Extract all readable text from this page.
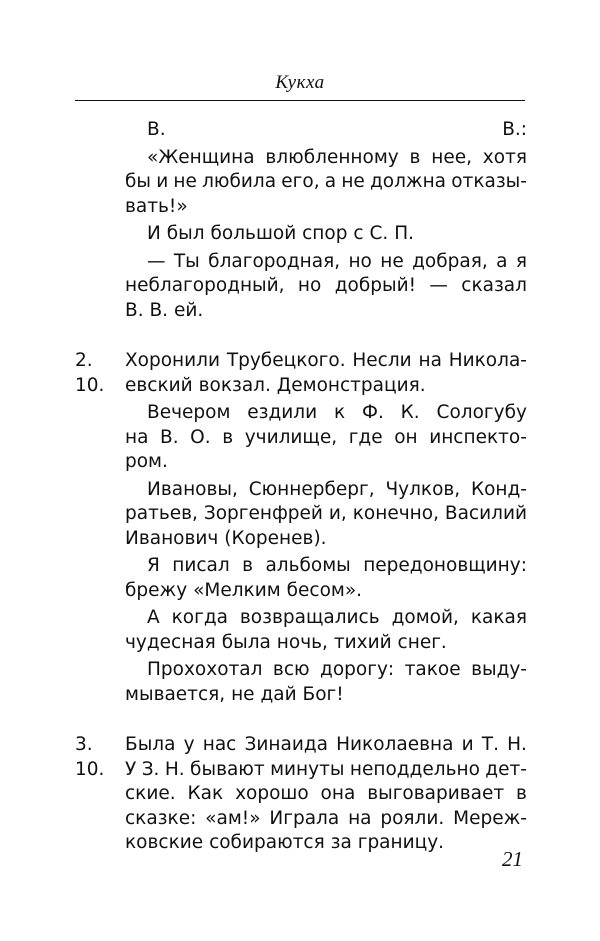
Кукха
В.	В.:
«Женщина влюбленному в нее, хотя
бы и не любила его, а не должна отказы-
вать!»
И был большой спор с С. П.
— Ты благородная, но не добрая, а я
неблагородный, но добрый! — сказал
В. В. ей.
2. 10.
Хоронили Трубецкого. Несли на Никола-
евский вокзал. Демонстрация.
Вечером ездили к Ф. К. Сологубу
на В. О. в училище, где он инспекто-
ром.
Ивановы, Сюннерберг, Чулков, Конд-
ратьев, Зоргенфрей и, конечно, Василий
Иванович (Коренев).
Я писал в альбомы передоновщину:
брежу «Мелким бесом».
А когда возвращались домой, какая
чудесная была ночь, тихий снег.
Прохохотал всю дорогу: такое выду-
мывается, не дай Бог!
3. 10.
Была у нас Зинаида Николаевна и Т. Н.
У З. Н. бывают минуты неподдельно дет-
ские. Как хорошо она выговаривает в
сказке: «ам!» Играла на рояли. Мереж-
ковские собираются за границу.
21
